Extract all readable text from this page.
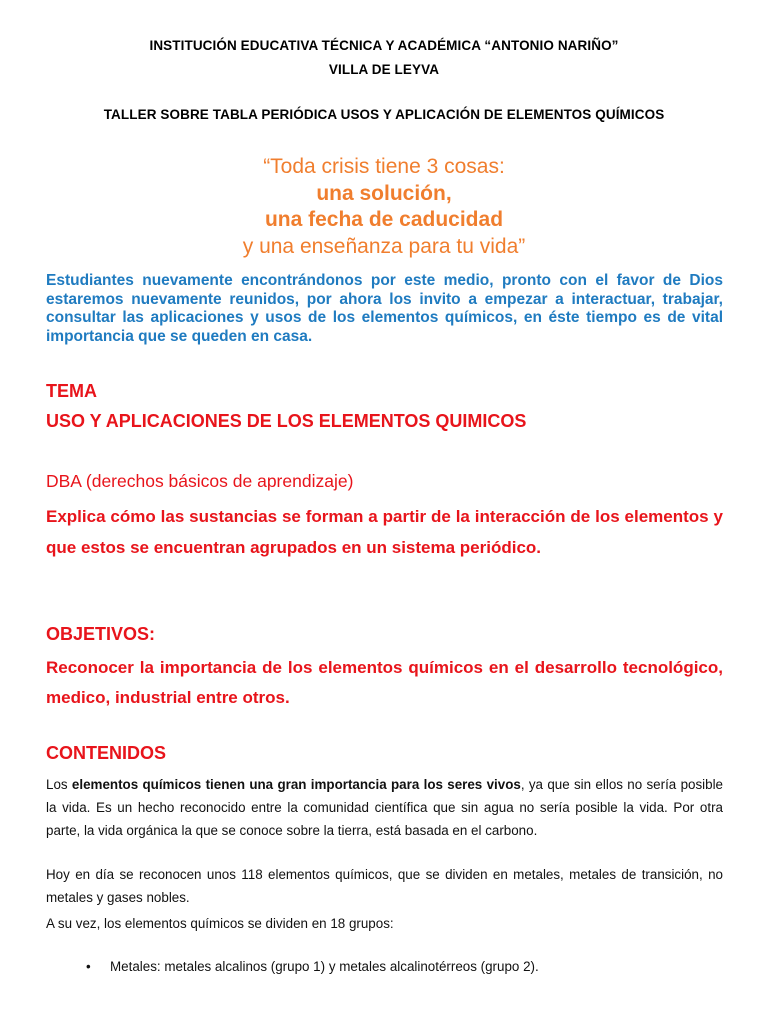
INSTITUCIÓN EDUCATIVA TÉCNICA Y ACADÉMICA “ANTONIO NARIÑO”
VILLA DE LEYVA
TALLER SOBRE TABLA PERIÓDICA USOS Y APLICACIÓN DE ELEMENTOS QUÍMICOS
“Toda crisis tiene 3 cosas:
una solución,
una fecha de caducidad
y una enseñanza para tu vida”
Estudiantes nuevamente encontrándonos por este medio, pronto con el favor de Dios estaremos nuevamente reunidos, por ahora los invito a empezar a interactuar, trabajar, consultar las aplicaciones y usos de los elementos químicos, en éste tiempo es de vital importancia que se queden en casa.
TEMA
USO Y APLICACIONES DE LOS ELEMENTOS QUIMICOS
DBA (derechos básicos de aprendizaje)
Explica cómo las sustancias se forman a partir de la interacción de los elementos y que estos se encuentran agrupados en un sistema periódico.
OBJETIVOS:
Reconocer la importancia de los elementos químicos en el desarrollo tecnológico, medico, industrial entre otros.
CONTENIDOS
Los elementos químicos tienen una gran importancia para los seres vivos, ya que sin ellos no sería posible la vida. Es un hecho reconocido entre la comunidad científica que sin agua no sería posible la vida. Por otra parte, la vida orgánica la que se conoce sobre la tierra, está basada en el carbono.
Hoy en día se reconocen unos 118 elementos químicos, que se dividen en metales, metales de transición, no metales y gases nobles.
A su vez, los elementos químicos se dividen en 18 grupos:
• Metales: metales alcalinos (grupo 1) y metales alcalinotérreos (grupo 2).
